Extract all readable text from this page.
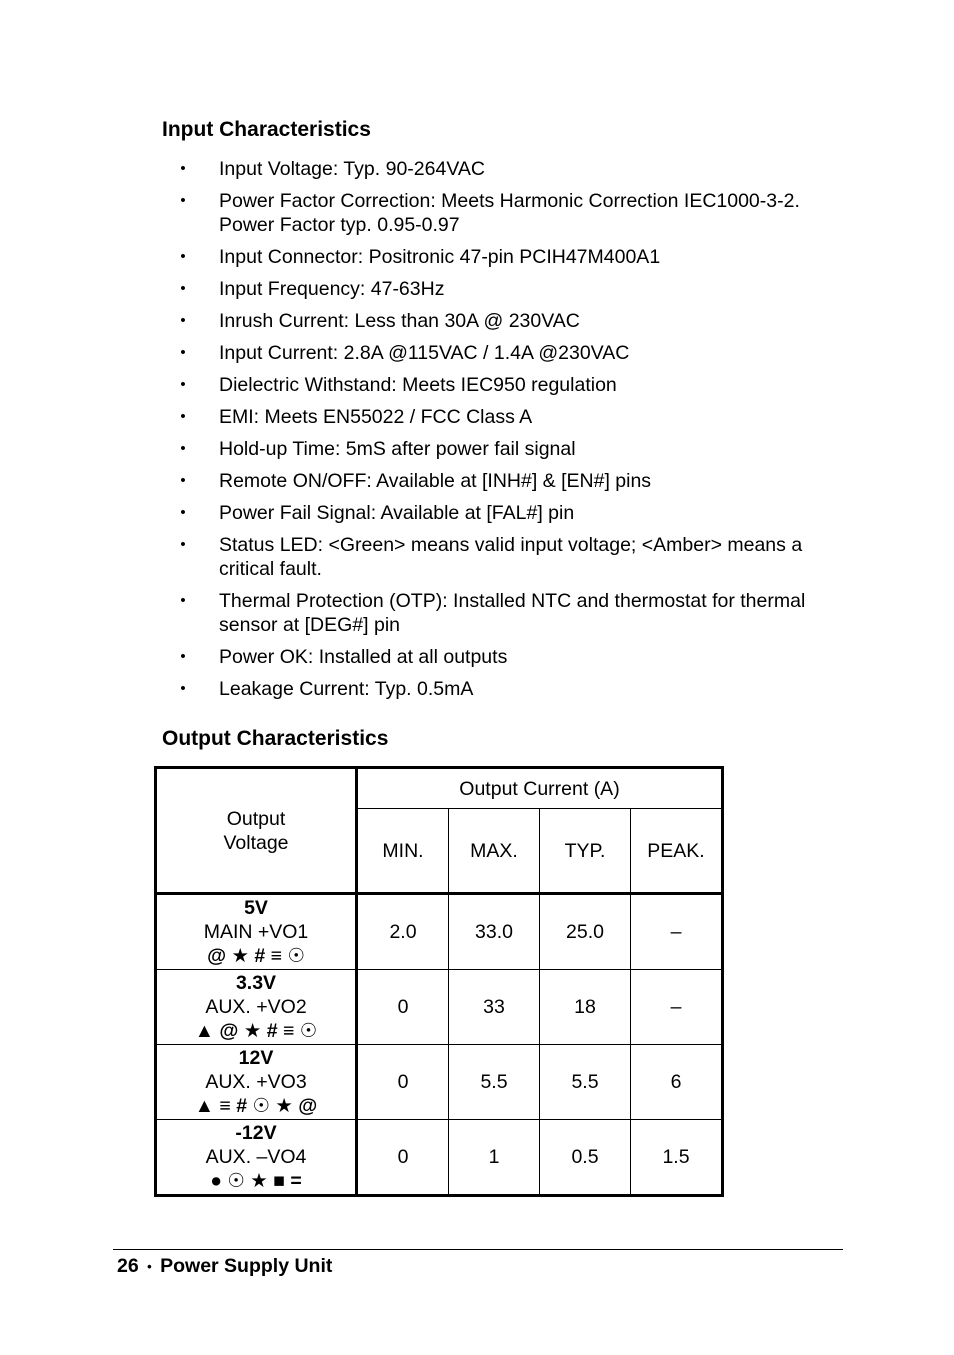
Input Characteristics
• Input Voltage: Typ. 90-264VAC
• Power Factor Correction: Meets Harmonic Correction IEC1000-3-2. Power Factor typ. 0.95-0.97
• Input Connector: Positronic 47-pin PCIH47M400A1
• Input Frequency: 47-63Hz
• Inrush Current: Less than 30A @ 230VAC
• Input Current: 2.8A @115VAC / 1.4A @230VAC
• Dielectric Withstand: Meets IEC950 regulation
• EMI: Meets EN55022 / FCC Class A
• Hold-up Time: 5mS after power fail signal
• Remote ON/OFF: Available at [INH#] & [EN#] pins
• Power Fail Signal: Available at [FAL#] pin
• Status LED: <Green> means valid input voltage; <Amber> means a critical fault.
• Thermal Protection (OTP): Installed NTC and thermostat for thermal sensor at [DEG#] pin
• Power OK: Installed at all outputs
• Leakage Current: Typ. 0.5mA
Output Characteristics
Output
Voltage	Output Current (A)			
	MIN.	MAX.	TYP.	PEAK.

5V
MAIN +VO1
@ ★ # ≡ ☉	2.0	33.0	25.0	–

3.3V
AUX. +VO2
▲ @ ★ # ≡ ☉	0	33	18	–

12V
AUX. +VO3
▲ ≡ # ☉ ★ @	0	5.5	5.5	6

-12V
AUX. –VO4
● ☉ ★ ■ =	0	1	0.5	1.5
26 • Power Supply Unit
